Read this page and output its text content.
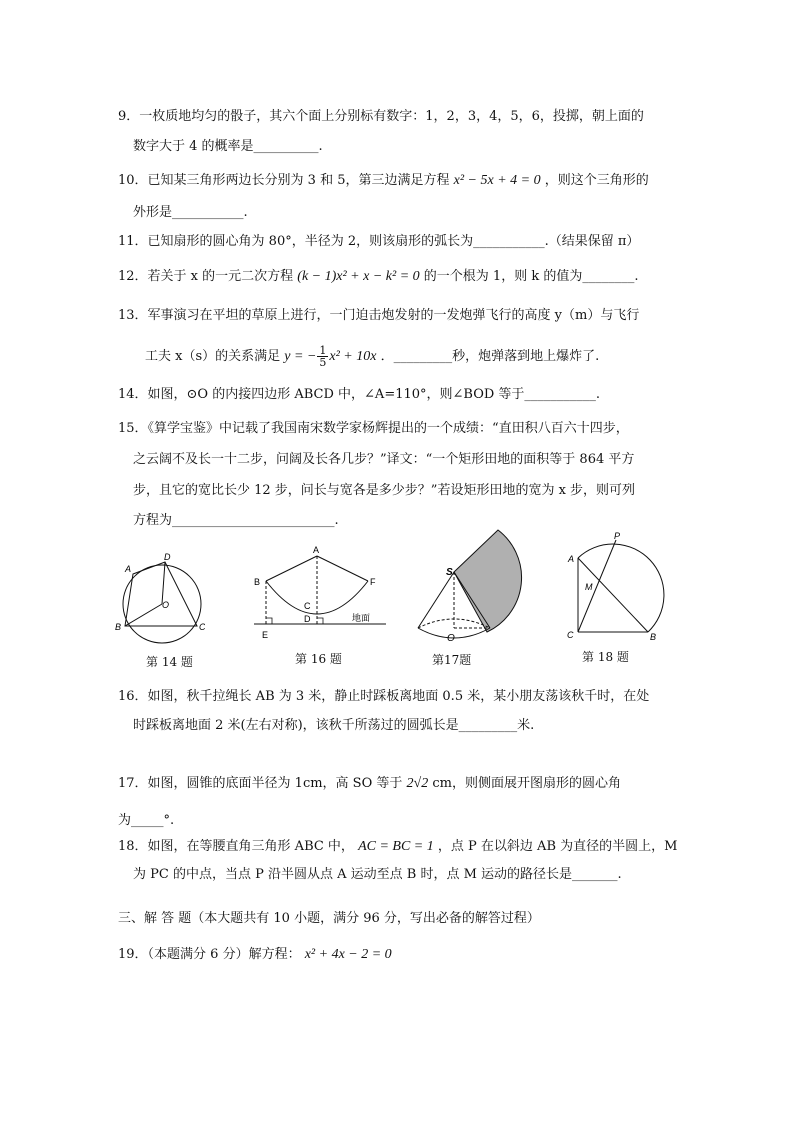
9．一枚质地均匀的骰子，其六个面上分别标有数字：1，2，3，4，5，6，投掷，朝上面的
数字大于 4 的概率是__________.
10．已知某三角形两边长分别为 3 和 5，第三边满足方程 x² − 5x + 4 = 0 ，则这个三角形的
外形是___________.
11．已知扇形的圆心角为 80°，半径为 2，则该扇形的弧长为___________.（结果保留 π）
12．若关于 x 的一元二次方程 (k − 1)x² + x − k² = 0 的一个根为 1，则 k 的值为________.
13．军事演习在平坦的草原上进行，一门迫击炮发射的一发炮弹飞行的高度 y（m）与飞行
工夫 x（s）的关系满足 y = − $\frac{1}{5} x^2 + 10x$ ．_________秒，炮弹落到地上爆炸了.
14．如图，⊙O 的内接四边形 ABCD 中，∠A=110°，则∠BOD 等于___________.
15．《算学宝鉴》中记载了我国南宋数学家杨辉提出的一个成绩：“直田积八百六十四步，
之云阔不及长一十二步，问阔及长各几步？”译文：“一个矩形田地的面积等于 864 平方
步，且它的宽比长少 12 步，问长与宽各是多少步？”若设矩形田地的宽为 x 步，则可列
方程为_________________________.
A
B	C
D
O
第 14 题
A
B
C
D
E
F
地面
第 16 题
S
O
第17题
A
B
C
P
M
第 18 题
16．如图，秋千拉绳长 AB 为 3 米，静止时踩板离地面 0.5 米，某小朋友荡该秋千时，在处
时踩板离地面 2 米(左右对称)，该秋千所荡过的圆弧长是_________米.
17．如图，圆锥的底面半径为 1cm，高 SO 等于 2√2 cm，则侧面展开图扇形的圆心角
为_____°.
18．如图，在等腰直角三角形 ABC 中， AC = BC = 1 ，点 P 在以斜边 AB 为直径的半圆上，M
为 PC 的中点，当点 P 沿半圆从点 A 运动至点 B 时，点 M 运动的路径长是_______.
三、解 答 题（本大题共有 10 小题，满分 96 分，写出必备的解答过程）
19．（本题满分 6 分）解方程： x² + 4x − 2 = 0
